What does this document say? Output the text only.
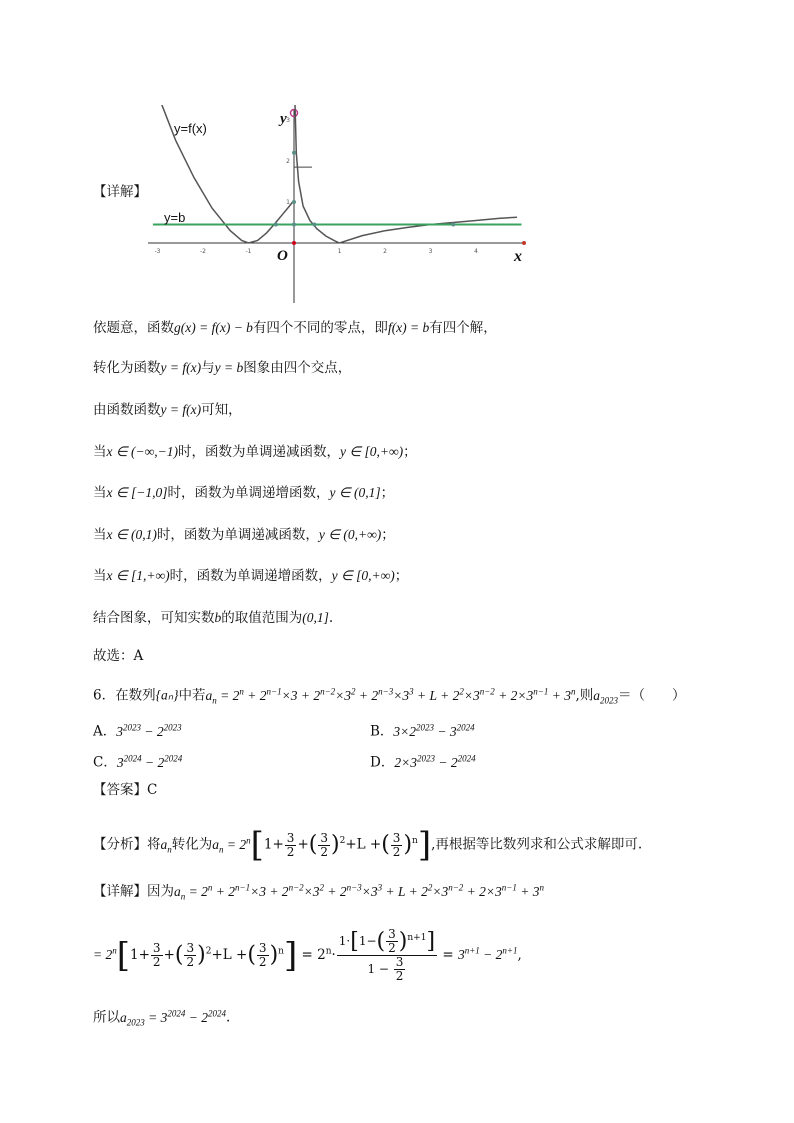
-3	-2	-1	1	2	3	4
1
2
3
x
y
O
y=f(x)
y=b
【详解】
依题意，函数g(x) = f(x) − b有四个不同的零点，即f(x) = b有四个解，
转化为函数y = f(x)与y = b图象由四个交点，
由函数函数y = f(x)可知，
当x ∈ (−∞,−1)时，函数为单调递减函数，y ∈ [0,+∞)；
当x ∈ [−1,0]时，函数为单调递增函数，y ∈ (0,1]；
当x ∈ (0,1)时，函数为单调递减函数，y ∈ (0,+∞)；
当x ∈ [1,+∞)时，函数为单调递增函数，y ∈ [0,+∞)；
结合图象，可知实数b的取值范围为(0,1].
故选：A
6．在数列{aₙ}中若$a_n = 2^n + 2^{n-1}\times 3 + 2^{n-2}\times 3^2 + 2^{n-3}\times 3^3 + L + 2^2\times 3^{n-2} + 2\times 3^{n-1} + 3^n$,则$a_{2023}=$（　　）
A．$3^{2023} - 2^{2023}$	B．$3\times 2^{2023} - 3^{2024}$
C．$3^{2024} - 2^{2024}$	D．$2\times 3^{2023} - 2^{2024}$
【答案】C
【分析】将$a_n$转化为$a_n = 2^n[1+ \frac{3}{2}$ +( $\frac{3}{2} )^2+L$ +( $\frac{3}{2} )^n$],再根据等比数列求和公式求解即可.
【详解】因为$a_n = 2^n + 2^{n-1}\times 3 + 2^{n-2}\times 3^2 + 2^{n-3}\times 3^3 + L + 2^2\times 3^{n-2} + 2\times 3^{n-1} + 3^n$
= $2^n[1+ \frac{3}{2}$ +( $\frac{3}{2} )^2+L$ +( $\frac{3}{2} )^n] = 2^n\cdot \frac{1\cdot[1-( \frac{3}{2} )^{n+1}]}{1 - \frac{3}{2}} = 3^{n+1} - 2^{n+1}$,
所以$a_{2023} = 3^{2024} - 2^{2024}$.
